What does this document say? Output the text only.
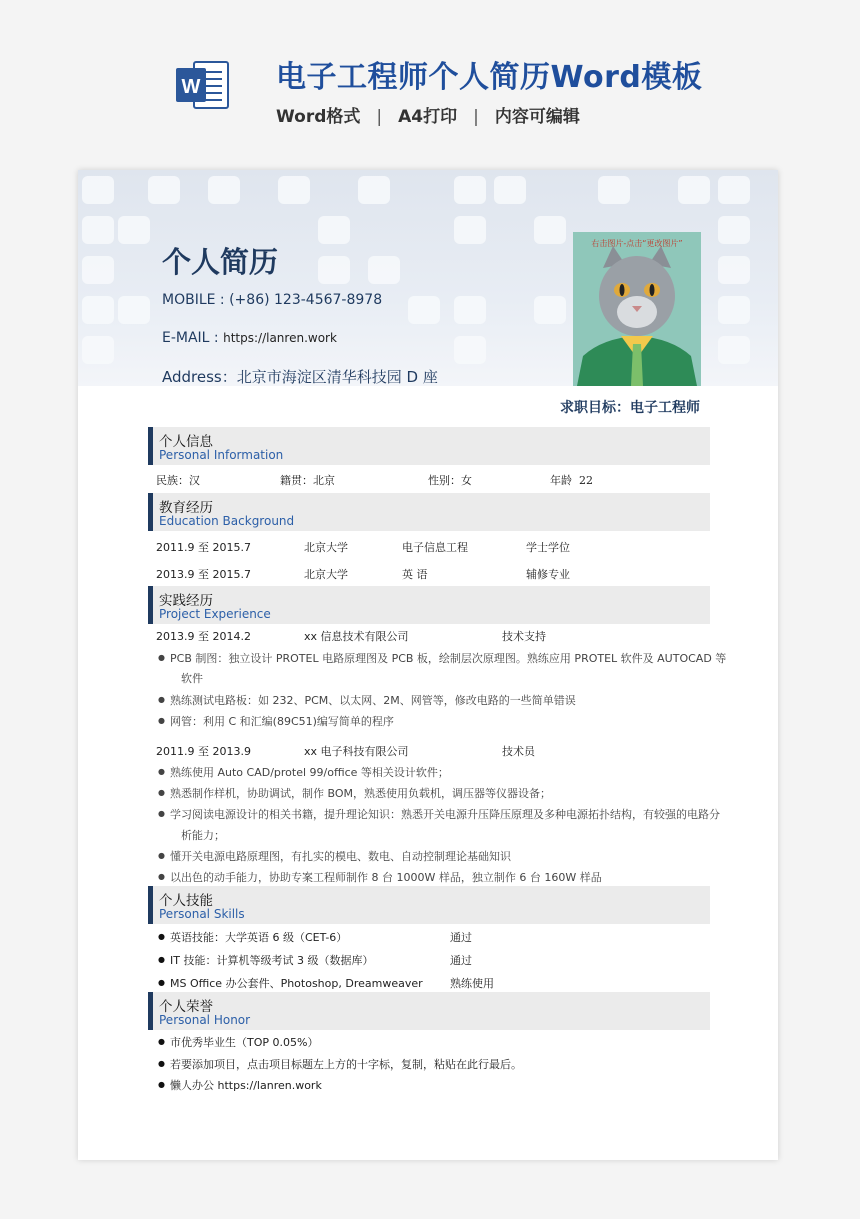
W	电子工程师个人简历Word模板
Word格式 | A4打印 | 内容可编辑
个人简历
MOBILE : (+86) 123-4567-8978
E-MAIL : https://lanren.work
Address：北京市海淀区清华科技园 D 座
右击图片-点击“更改图片”
求职目标：电子工程师
个人信息
Personal Information
民族：汉	籍贯：北京	性别：女	年龄 22
教育经历
Education Background
2011.9 至 2015.7	北京大学	电子信息工程	学士学位
2013.9 至 2015.7	北京大学	英 语	辅修专业
实践经历
Project Experience
2013.9 至 2014.2	xx 信息技术有限公司	技术支持
● PCB 制图：独立设计 PROTEL 电路原理图及 PCB 板，绘制层次原理图。熟练应用 PROTEL 软件及 AUTOCAD 等
软件
● 熟练测试电路板：如 232、PCM、以太网、2M、网管等，修改电路的一些简单错误
● 网管：利用 C 和汇编(89C51)编写简单的程序
2011.9 至 2013.9	xx 电子科技有限公司	技术员
● 熟练使用 Auto CAD/protel 99/office 等相关设计软件；
● 熟悉制作样机，协助调试，制作 BOM，熟悉使用负载机，调压器等仪器设备；
● 学习阅读电源设计的相关书籍，提升理论知识：熟悉开关电源升压降压原理及多种电源拓扑结构，有较强的电路分
析能力；
● 懂开关电源电路原理图，有扎实的模电、数电、自动控制理论基础知识
● 以出色的动手能力，协助专案工程师制作 8 台 1000W 样品，独立制作 6 台 160W 样品
个人技能
Personal Skills
● 英语技能：大学英语 6 级（CET-6）	通过
● IT 技能：计算机等级考试 3 级（数据库）	通过
● MS Office 办公套件、Photoshop, Dreamweaver 熟练使用
个人荣誉
Personal Honor
● 市优秀毕业生（TOP 0.05%）
● 若要添加项目，点击项目标题左上方的十字标，复制，粘贴在此行最后。
● 懒人办公 https://lanren.work
